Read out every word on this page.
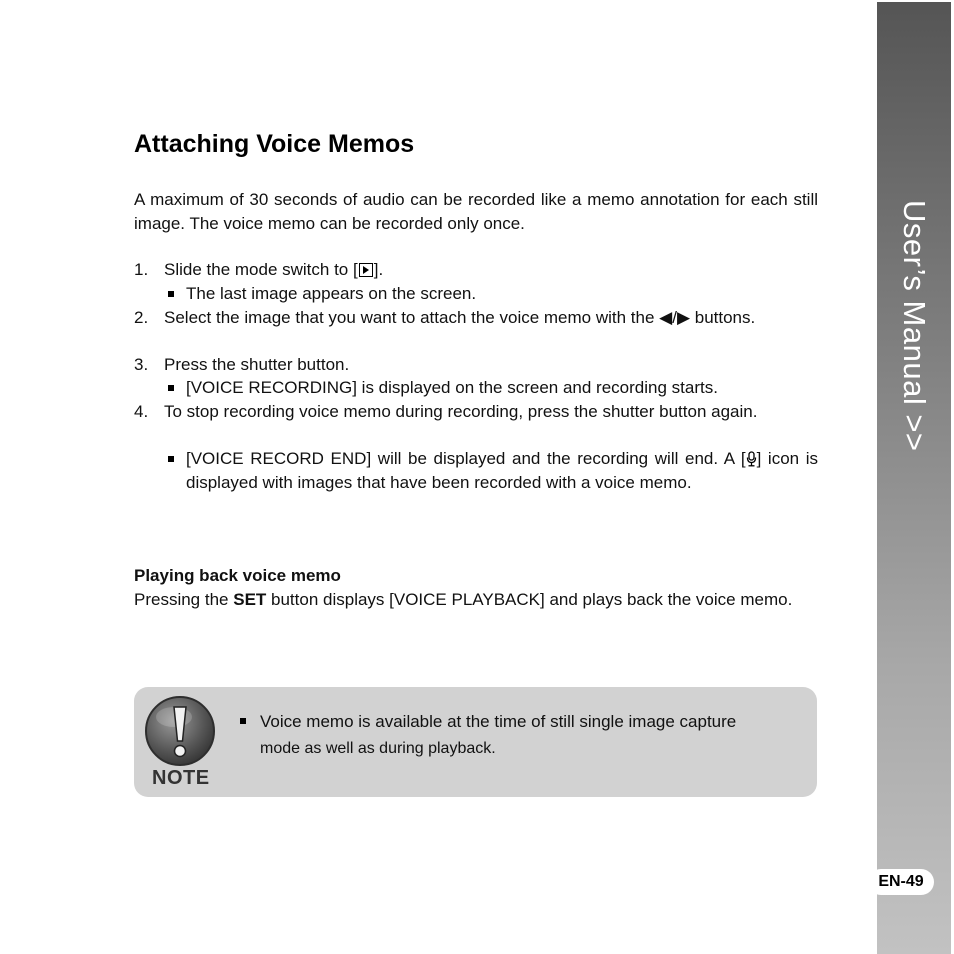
User’s Manual >>
EN-49
Attaching Voice Memos

A maximum of 30 seconds of audio can be recorded like a memo annotation for each still image. The voice memo can be recorded only once.

1. Slide the mode switch to [ ].
The last image appears on the screen.
2. Select the image that you want to attach the voice memo with the ◀/▶ buttons.
3. Press the shutter button.
[VOICE RECORDING] is displayed on the screen and recording starts.
4. To stop recording voice memo during recording, press the shutter button again.
[VOICE RECORD END] will be displayed and the recording will end. A [ ] icon is displayed with images that have been recorded with a voice memo.
Playing back voice memo

Pressing the SET button displays [VOICE PLAYBACK] and plays back the voice memo.

NOTE
Voice memo is available at the time of still single image capture
mode as well as during playback.
